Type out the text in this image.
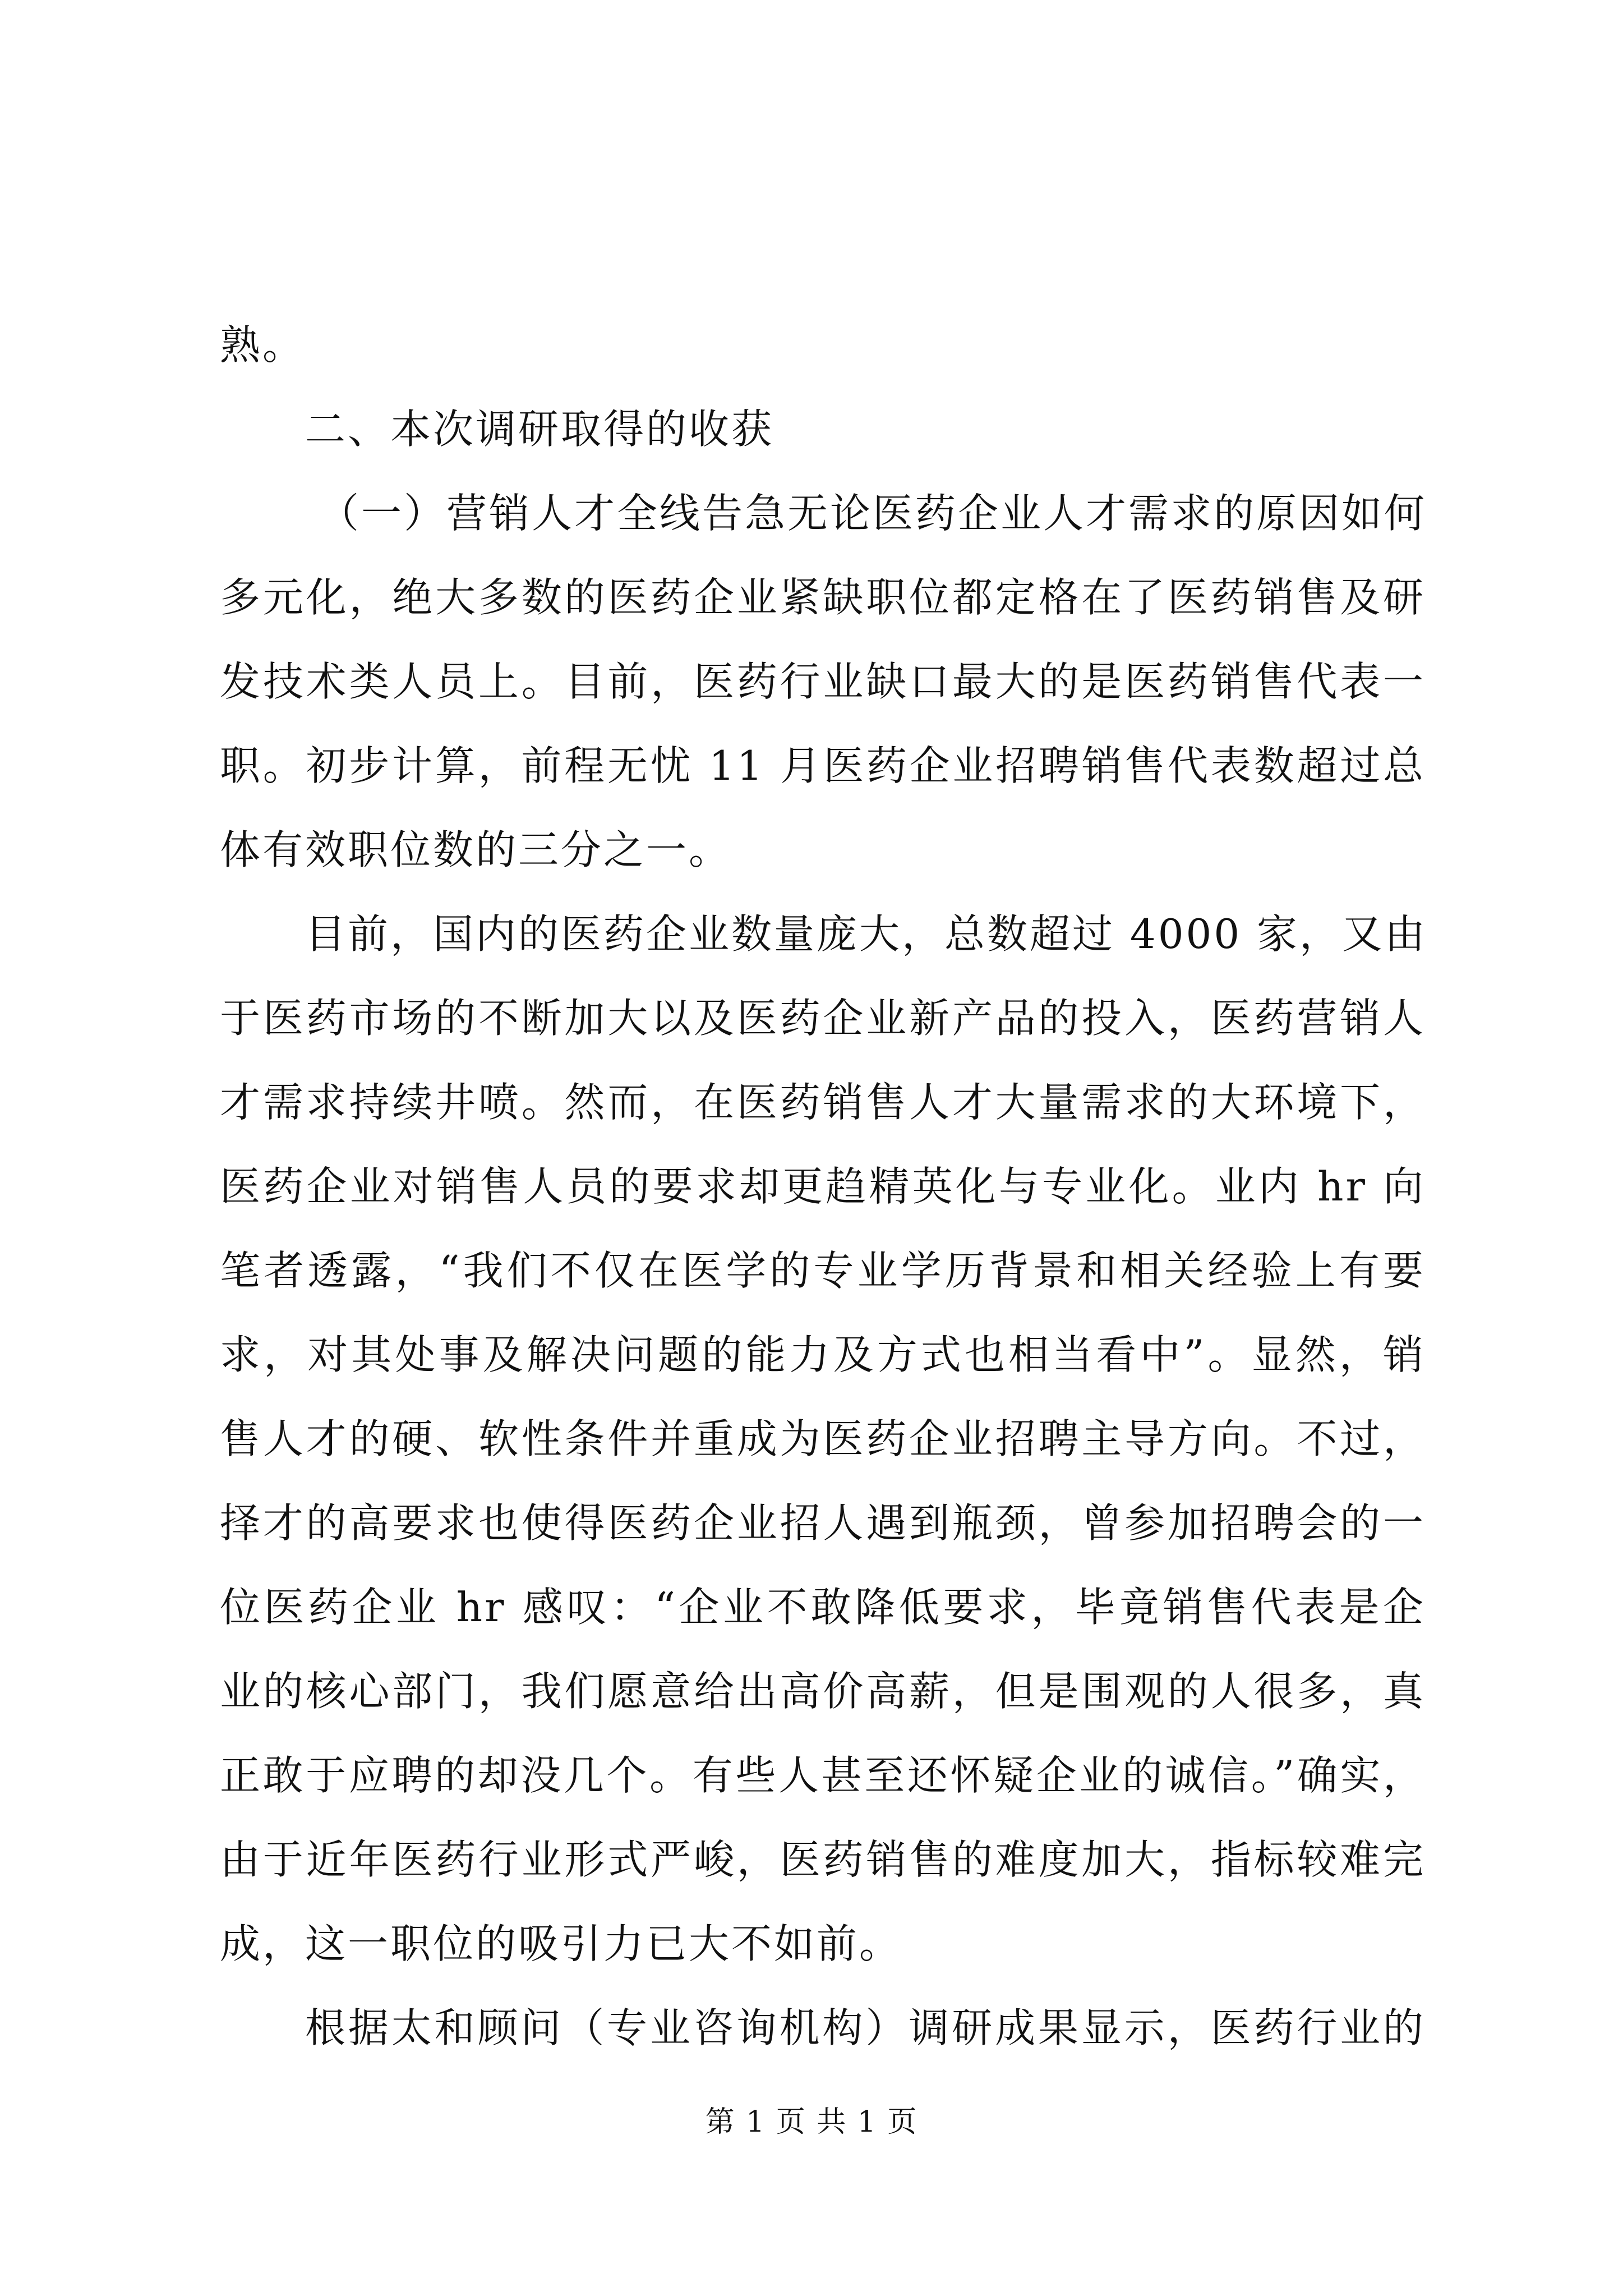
熟。
二、本次调研取得的收获
（一）营销人才全线告急无论医药企业人才需求的原因如何
多元化，绝大多数的医药企业紧缺职位都定格在了医药销售及研
发技术类人员上。目前，医药行业缺口最大的是医药销售代表一
职。初步计算，前程无忧 11 月医药企业招聘销售代表数超过总
体有效职位数的三分之一。
目前，国内的医药企业数量庞大，总数超过 4000 家，又由
于医药市场的不断加大以及医药企业新产品的投入，医药营销人
才需求持续井喷。然而，在医药销售人才大量需求的大环境下，
医药企业对销售人员的要求却更趋精英化与专业化。业内 hr 向
笔者透露，“我们不仅在医学的专业学历背景和相关经验上有要
求，对其处事及解决问题的能力及方式也相当看中”。显然，销
售人才的硬、软性条件并重成为医药企业招聘主导方向。不过，
择才的高要求也使得医药企业招人遇到瓶颈，曾参加招聘会的一
位医药企业 hr 感叹：“企业不敢降低要求，毕竟销售代表是企
业的核心部门，我们愿意给出高价高薪，但是围观的人很多，真
正敢于应聘的却没几个。有些人甚至还怀疑企业的诚信。”确实，
由于近年医药行业形式严峻，医药销售的难度加大，指标较难完
成，这一职位的吸引力已大不如前。
根据太和顾问（专业咨询机构）调研成果显示，医药行业的
第 1 页 共 1 页
